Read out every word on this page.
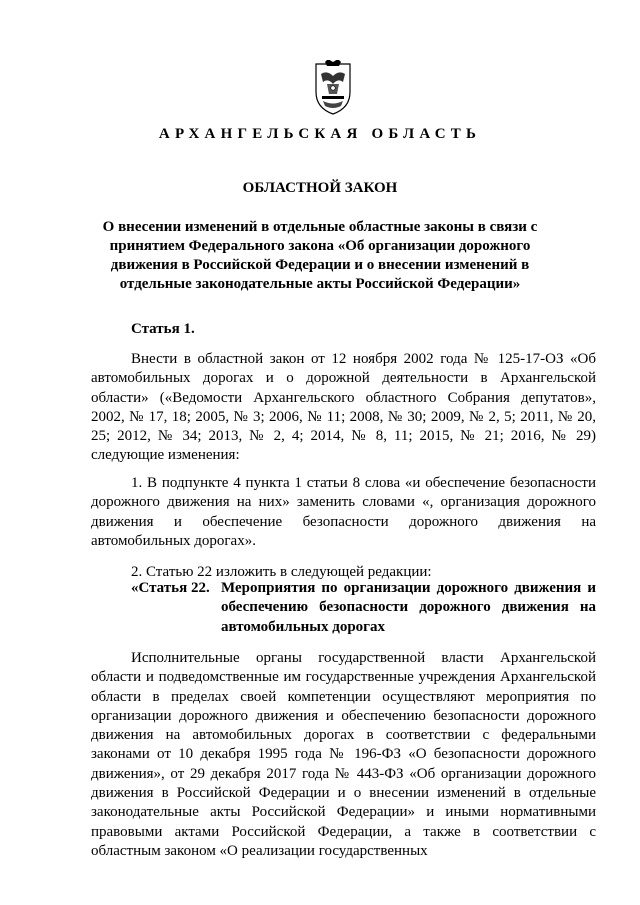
АРХАНГЕЛЬСКАЯ ОБЛАСТЬ
ОБЛАСТНОЙ ЗАКОН
О внесении изменений в отдельные областные законы в связи с принятием Федерального закона «Об организации дорожного движения в Российской Федерации и о внесении изменений в отдельные законодательные акты Российской Федерации»
Статья 1.
Внести в областной закон от 12 ноября 2002 года № 125-17-ОЗ «Об автомобильных дорогах и о дорожной деятельности в Архангельской области» («Ведомости Архангельского областного Собрания депутатов», 2002, № 17, 18; 2005, № 3; 2006, № 11; 2008, № 30; 2009, № 2, 5; 2011, № 20, 25; 2012, № 34; 2013, № 2, 4; 2014, № 8, 11; 2015, № 21; 2016, № 29) следующие изменения:
1. В подпункте 4 пункта 1 статьи 8 слова «и обеспечение безопасности дорожного движения на них» заменить словами «, организация дорожного движения и обеспечение безопасности дорожного движения на автомобильных дорогах».
2. Статью 22 изложить в следующей редакции:
«Статья 22. Мероприятия по организации дорожного движения и обеспечению безопасности дорожного движения на автомобильных дорогах
Исполнительные органы государственной власти Архангельской области и подведомственные им государственные учреждения Архангельской области в пределах своей компетенции осуществляют мероприятия по организации дорожного движения и обеспечению безопасности дорожного движения на автомобильных дорогах в соответствии с федеральными законами от 10 декабря 1995 года № 196-ФЗ «О безопасности дорожного движения», от 29 декабря 2017 года № 443-ФЗ «Об организации дорожного движения в Российской Федерации и о внесении изменений в отдельные законодательные акты Российской Федерации» и иными нормативными правовыми актами Российской Федерации, а также в соответствии с областным законом «О реализации государственных
